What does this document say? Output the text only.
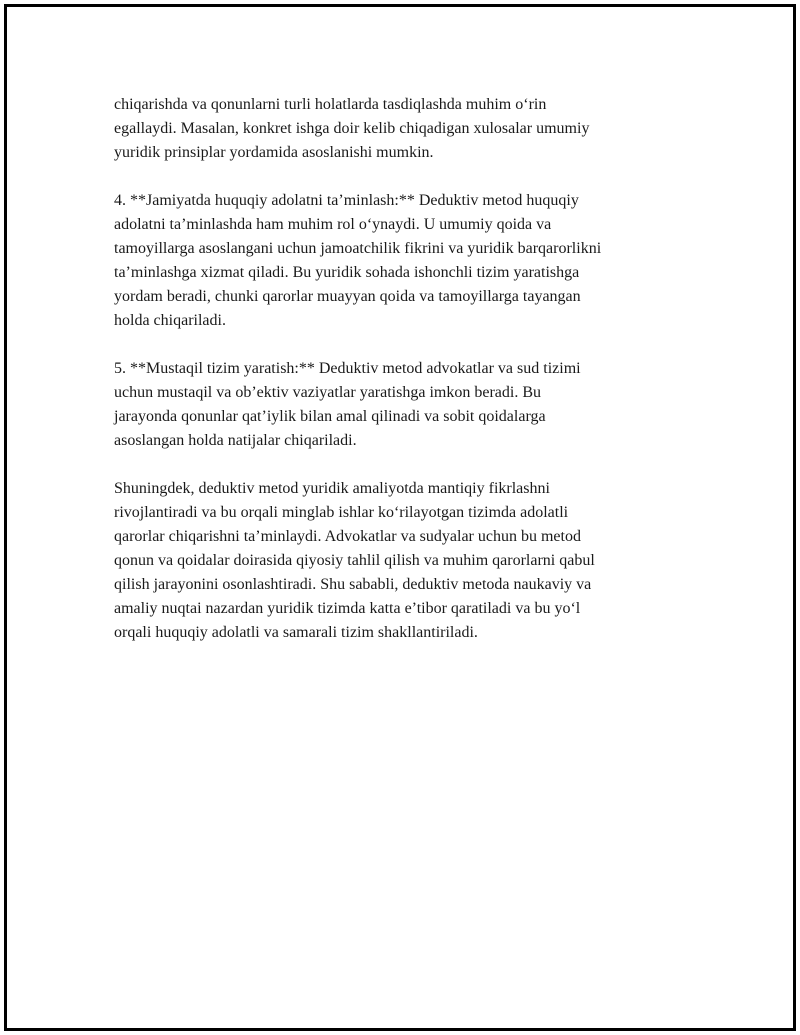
chiqarishda va qonunlarni turli holatlarda tasdiqlashda muhim o‘rin
egallaydi. Masalan, konkret ishga doir kelib chiqadigan xulosalar umumiy
yuridik prinsiplar yordamida asoslanishi mumkin.

4. **Jamiyatda huquqiy adolatni ta’minlash:** Deduktiv metod huquqiy
adolatni ta’minlashda ham muhim rol o‘ynaydi. U umumiy qoida va
tamoyillarga asoslangani uchun jamoatchilik fikrini va yuridik barqarorlikni
ta’minlashga xizmat qiladi. Bu yuridik sohada ishonchli tizim yaratishga
yordam beradi, chunki qarorlar muayyan qoida va tamoyillarga tayangan
holda chiqariladi.

5. **Mustaqil tizim yaratish:** Deduktiv metod advokatlar va sud tizimi
uchun mustaqil va ob’ektiv vaziyatlar yaratishga imkon beradi. Bu
jarayonda qonunlar qat’iylik bilan amal qilinadi va sobit qoidalarga
asoslangan holda natijalar chiqariladi.

Shuningdek, deduktiv metod yuridik amaliyotda mantiqiy fikrlashni
rivojlantiradi va bu orqali minglab ishlar ko‘rilayotgan tizimda adolatli
qarorlar chiqarishni ta’minlaydi. Advokatlar va sudyalar uchun bu metod
qonun va qoidalar doirasida qiyosiy tahlil qilish va muhim qarorlarni qabul
qilish jarayonini osonlashtiradi. Shu sababli, deduktiv metoda naukaviy va
amaliy nuqtai nazardan yuridik tizimda katta e’tibor qaratiladi va bu yo‘l
orqali huquqiy adolatli va samarali tizim shakllantiriladi.
